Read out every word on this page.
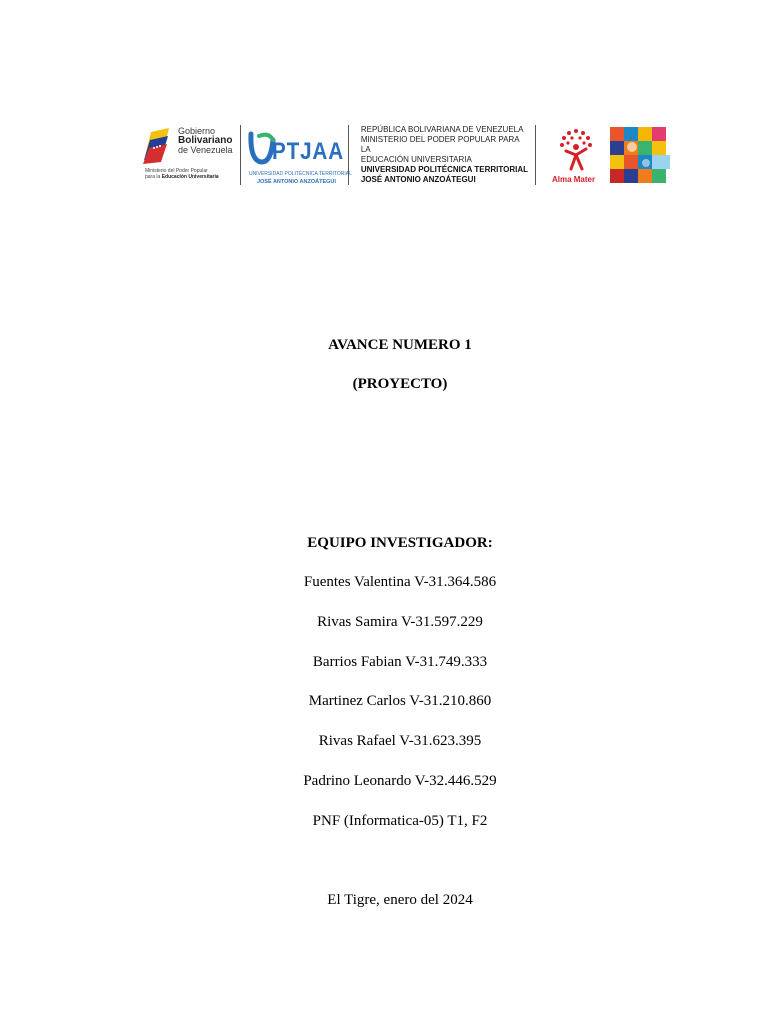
Gobierno
Bolivariano
de Venezuela
Ministerio del Poder Popular
para la Educación Universitaria
PTJAA
UNIVERSIDAD POLITÉCNICA TERRITORIAL
JOSÉ ANTONIO ANZOÁTEGUI
REPÚBLICA BOLIVARIANA DE VENEZUELA
MINISTERIO DEL PODER POPULAR PARA LA
EDUCACIÓN UNIVERSITARIA
UNIVERSIDAD POLITÉCNICA TERRITORIAL
JOSÉ ANTONIO ANZOÁTEGUI	Alma Mater
AVANCE NUMERO 1
(PROYECTO)
EQUIPO INVESTIGADOR:
Fuentes Valentina V-31.364.586
Rivas Samira V-31.597.229
Barrios Fabian V-31.749.333
Martinez Carlos V-31.210.860
Rivas Rafael V-31.623.395
Padrino Leonardo V-32.446.529
PNF (Informatica-05) T1, F2
El Tigre, enero del 2024
